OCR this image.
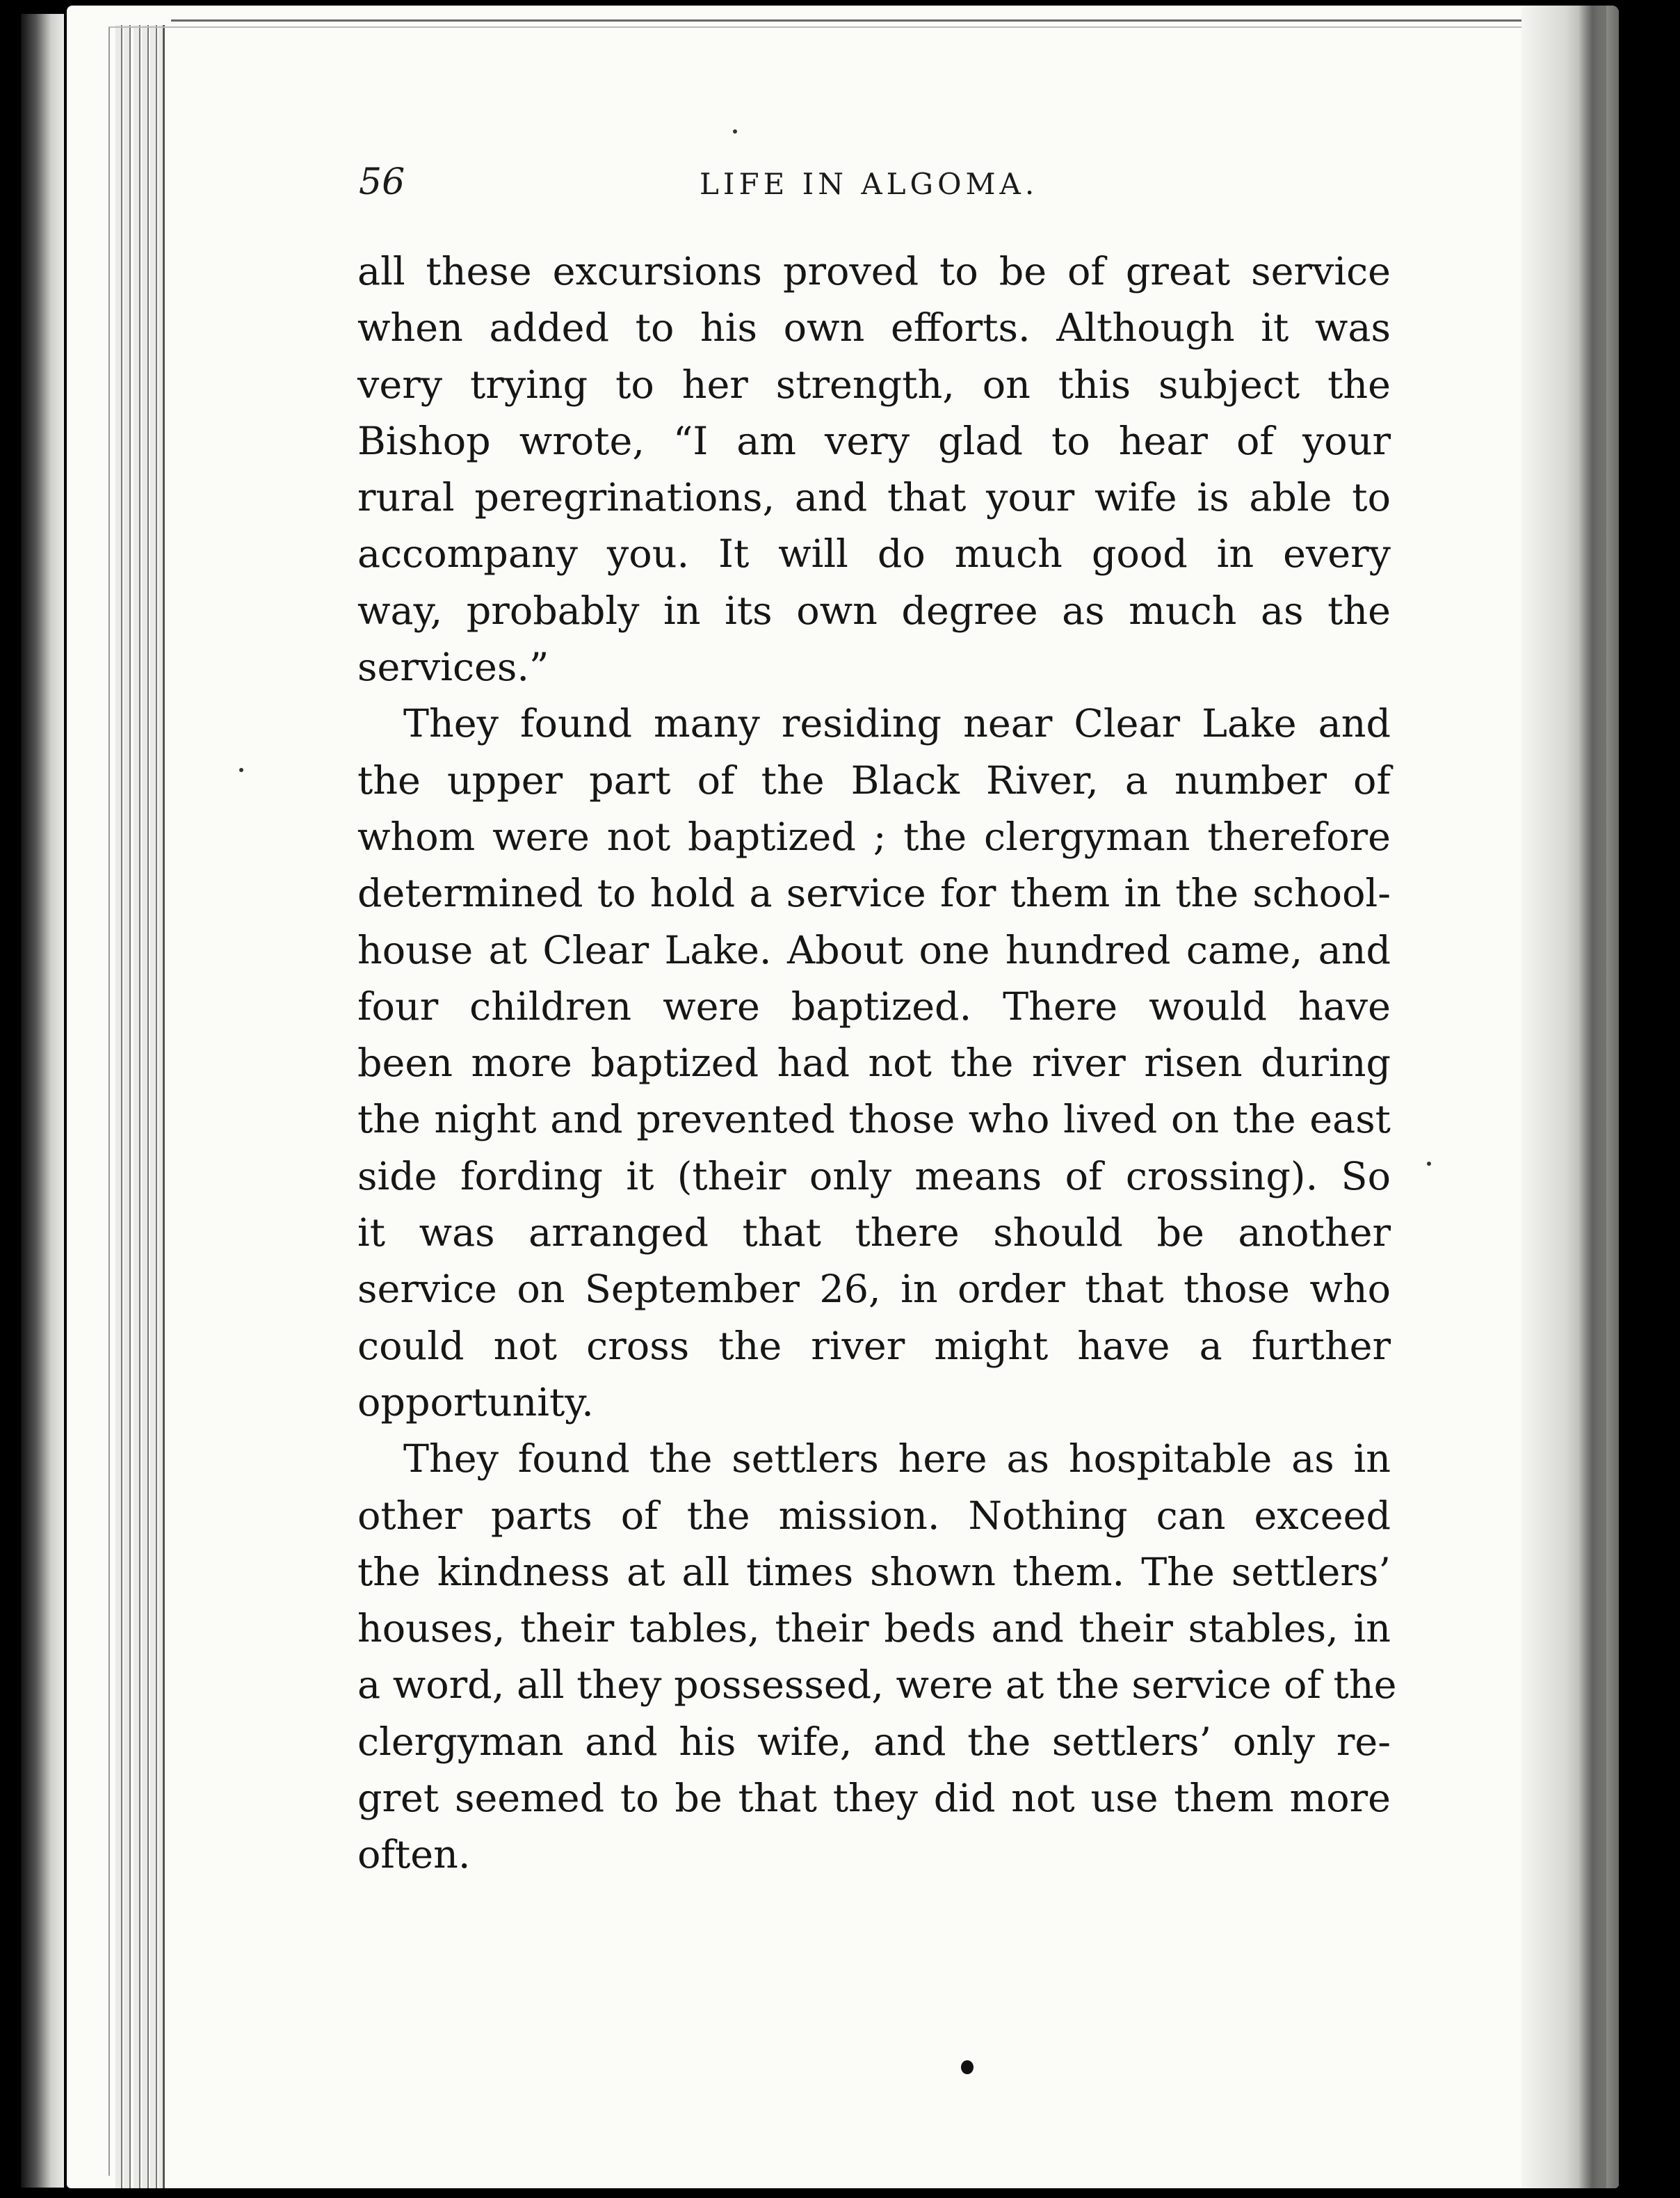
56	LIFE IN ALGOMA.
all these excursions proved to be of great service
when added to his own efforts. Although it was
very trying to her strength, on this subject the
Bishop wrote, “I am very glad to hear of your
rural peregrinations, and that your wife is able to
accompany you. It will do much good in every
way, probably in its own degree as much as the
services.”
They found many residing near Clear Lake and
the upper part of the Black River, a number of
whom were not baptized ; the clergyman therefore
determined to hold a service for them in the school-
house at Clear Lake. About one hundred came, and
four children were baptized. There would have
been more baptized had not the river risen during
the night and prevented those who lived on the east
side fording it (their only means of crossing). So
it was arranged that there should be another
service on September 26, in order that those who
could not cross the river might have a further
opportunity.
They found the settlers here as hospitable as in
other parts of the mission. Nothing can exceed
the kindness at all times shown them. The settlers’
houses, their tables, their beds and their stables, in
a word, all they possessed, were at the service of the
clergyman and his wife, and the settlers’ only re-
gret seemed to be that they did not use them more
often.
